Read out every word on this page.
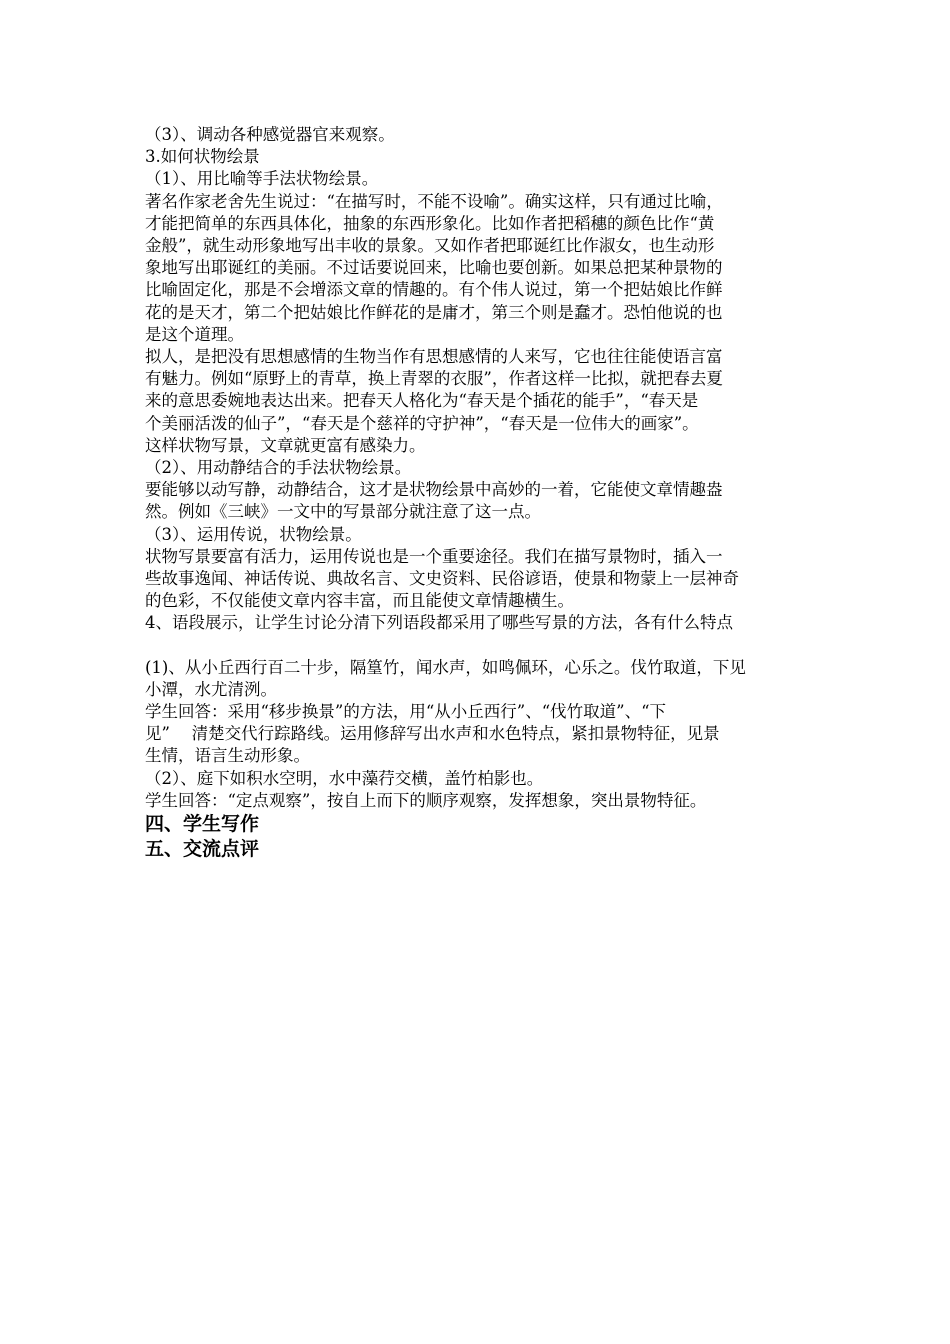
（3）、调动各种感觉器官来观察。

3.如何状物绘景

（1）、用比喻等手法状物绘景。

著名作家老舍先生说过：“在描写时，不能不设喻”。确实这样，只有通过比喻，

才能把简单的东西具体化，抽象的东西形象化。比如作者把稻穗的颜色比作“黄

金般”，就生动形象地写出丰收的景象。又如作者把耶诞红比作淑女，也生动形

象地写出耶诞红的美丽。不过话要说回来，比喻也要创新。如果总把某种景物的

比喻固定化，那是不会增添文章的情趣的。有个伟人说过，第一个把姑娘比作鲜

花的是天才，第二个把姑娘比作鲜花的是庸才，第三个则是蠢才。恐怕他说的也

是这个道理。

拟人，是把没有思想感情的生物当作有思想感情的人来写，它也往往能使语言富

有魅力。例如“原野上的青草，换上青翠的衣服”，作者这样一比拟，就把春去夏

来的意思委婉地表达出来。把春天人格化为“春天是个插花的能手”，“春天是

个美丽活泼的仙子”，“春天是个慈祥的守护神”，“春天是一位伟大的画家”。

这样状物写景，文章就更富有感染力。

（2）、用动静结合的手法状物绘景。

要能够以动写静，动静结合，这才是状物绘景中高妙的一着，它能使文章情趣盎

然。例如《三峡》一文中的写景部分就注意了这一点。

（3）、运用传说，状物绘景。

状物写景要富有活力，运用传说也是一个重要途径。我们在描写景物时，插入一

些故事逸闻、神话传说、典故名言、文史资料、民俗谚语，使景和物蒙上一层神奇

的色彩，不仅能使文章内容丰富，而且能使文章情趣横生。

4、语段展示，让学生讨论分清下列语段都采用了哪些写景的方法，各有什么特点

(1)、从小丘西行百二十步，隔篁竹，闻水声，如鸣佩环，心乐之。伐竹取道，下见

小潭，水尤清洌。

学生回答：采用“移步换景”的方法，用“从小丘西行”、“伐竹取道”、“下

见”　 清楚交代行踪路线。运用修辞写出水声和水色特点，紧扣景物特征，见景

生情，语言生动形象。

（2）、庭下如积水空明，水中藻荇交横，盖竹柏影也。

学生回答：“定点观察”，按自上而下的顺序观察，发挥想象，突出景物特征。

四、学生写作

五、交流点评
